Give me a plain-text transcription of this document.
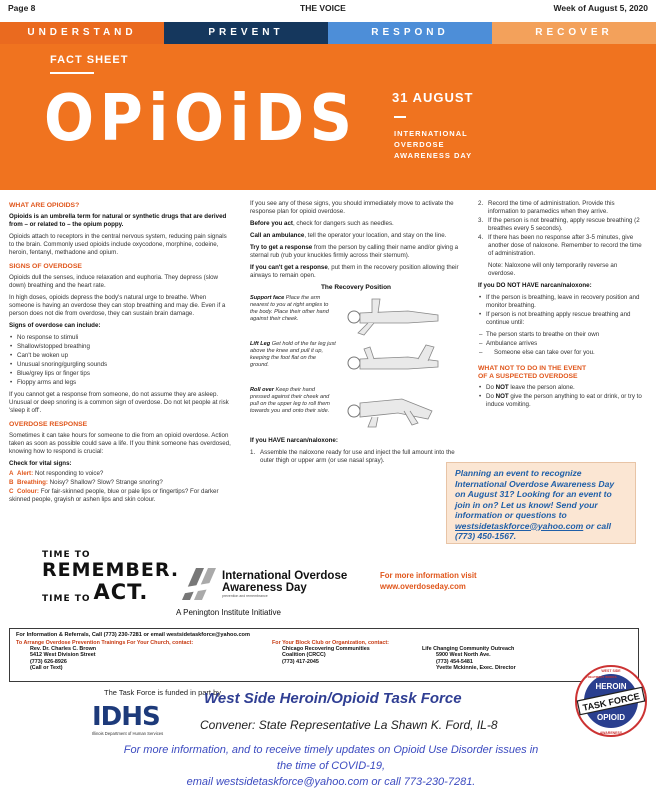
Page 8	THE VOICE	Week of August 5, 2020
UNDERSTAND	PREVENT	RESPOND	RECOVER
FACT SHEET
OPiOiDS	31 AUGUST
INTERNATIONAL
OVERDOSE
AWARENESS DAY
WHAT ARE OPIOIDS?

Opioids is an umbrella term for natural or synthetic drugs that are derived from – or related to – the opium poppy.

Opioids attach to receptors in the central nervous system, reducing pain signals to the brain. Commonly used opioids include oxycodone, morphine, codeine, heroin, fentanyl, methadone and opium.

SIGNS OF OVERDOSE

Opioids dull the senses, induce relaxation and euphoria. They depress (slow down) breathing and the heart rate.

In high doses, opioids depress the body's natural urge to breathe. When someone is having an overdose they can stop breathing and may die. Even if a person does not die from overdose, they can sustain brain damage.

Signs of overdose can include:

• No response to stimuli
• Shallow/stopped breathing
• Can't be woken up
• Unusual snoring/gurgling sounds
• Blue/grey lips or finger tips
• Floppy arms and legs

If you cannot get a response from someone, do not assume they are asleep. Unusual or deep snoring is a common sign of overdose. Do not let people at risk 'sleep it off'.

OVERDOSE RESPONSE

Sometimes it can take hours for someone to die from an opioid overdose. Action taken as soon as possible could save a life. If you think someone has overdosed, knowing how to respond is crucial:

Check for vital signs:

A Alert: Not responding to voice?
B Breathing: Noisy? Shallow? Slow? Strange snoring?
C Colour: For fair-skinned people, blue or pale lips or fingertips? For darker skinned people, grayish or ashen lips and skin colour.

If you see any of these signs, you should immediately move to activate the response plan for opioid overdose.

Before you act, check for dangers such as needles.

Call an ambulance, tell the operator your location, and stay on the line.

Try to get a response from the person by calling their name and/or giving a sternal rub (rub your knuckles firmly across their sternum).

If you can't get a response, put them in the recovery position allowing their airways to remain open.

The Recovery Position
Support face Place the arm nearest to you at right angles to the body. Place their other hand against their cheek.
Lift Leg Get hold of the far leg just above the knee and pull it up, keeping the foot flat on the ground.
Roll over Keep their hand pressed against their cheek and pull on the upper leg to roll them towards you and onto their side.

If you HAVE narcan/naloxone:

1. Assemble the naloxone ready for use and inject the full amount into the outer thigh or upper arm (or use nasal spray).

2. Record the time of administration. Provide this information to paramedics when they arrive.
3. If the person is not breathing, apply rescue breathing (2 breathes every 5 seconds).
4. If there has been no response after 3-5 minutes, give another dose of naloxone. Remember to record the time of administration.

Note: Naloxone will only temporarily reverse an overdose.

If you DO NOT HAVE narcan/naloxone:

• If the person is breathing, leave in recovery position and monitor breathing.
• If person is not breathing apply rescue breathing and continue until:
– The person starts to breathe on their own
– Ambulance arrives
– Someone else can take over for you.
WHAT NOT TO DO IN THE EVENT
OF A SUSPECTED OVERDOSE
• Do NOT leave the person alone.
• Do NOT give the person anything to eat or drink, or try to induce vomiting.
Planning an event to recognize International Overdose Awareness Day on August 31? Looking for an event to join in on? Let us know! Send your information or questions to westsidetaskforce@yahoo.com or call (773) 450-1567.
TIME TO
REMEMBER.
TIME TO ACT.
International Overdose
Awareness Day
prevention and remembrance
A Penington Institute Initiative
For more information visit
www.overdoseday.com
For Information & Referrals, Call (773) 230-7281 or email westsidetaskforce@yahoo.com
To Arrange Overdose Prevention Trainings For Your Church, contact:
Rev. Dr. Charles C. Brown
5412 West Division Street
(773) 626-8926
(Call or Text)
For Your Block Club or Organization, contact:
Chicago Recovering Communities
Coalition (CRCC)
(773) 417-2045
Life Changing Community Outreach
5900 West North Ave.
(773) 454-5481
Yvette Mckinnie, Exec. Director
The Task Force is funded in part by
IDHS
Illinois Department of Human Services
West Side Heroin/Opioid Task Force
Convener: State Representative La Shawn K. Ford, IL-8
For more information, and to receive timely updates on Opioid Use Disorder issues in
the time of COVID-19,
email westsidetaskforce@yahoo.com or call 773-230-7281.
HEROIN
TASK FORCE
OPIOID
WEST SIDE
TREATMENT WORKS
AWARENESS
